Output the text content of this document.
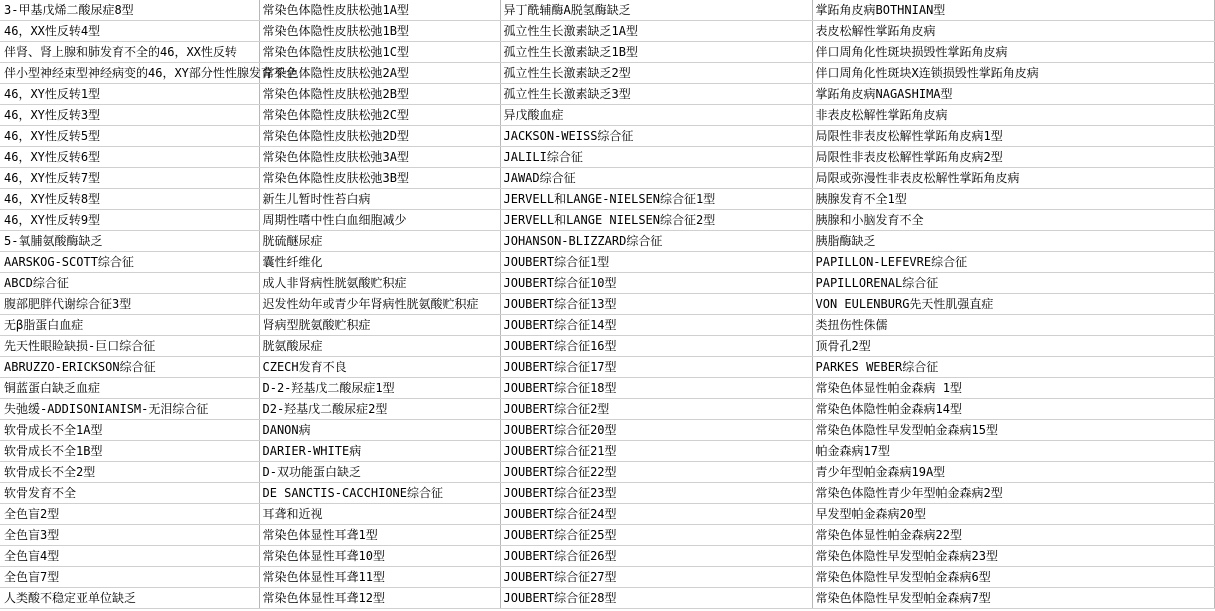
3-甲基戊烯二酸尿症8型	常染色体隐性皮肤松弛1A型	异丁酰辅酶A脱氢酶缺乏	掌跖角皮病BOTHNIAN型
46，XX性反转4型	常染色体隐性皮肤松弛1B型	孤立性生长激素缺乏1A型	表皮松解性掌跖角皮病
伴肾、肾上腺和肺发育不全的46，XX性反转	常染色体隐性皮肤松弛1C型	孤立性生长激素缺乏1B型	伴口周角化性斑块损毁性掌跖角皮病
伴小型神经束型神经病变的46，XY部分性性腺发育不全	常染色体隐性皮肤松弛2A型	孤立性生长激素缺乏2型	伴口周角化性斑块X连锁损毁性掌跖角皮病
46，XY性反转1型	常染色体隐性皮肤松弛2B型	孤立性生长激素缺乏3型	掌跖角皮病NAGASHIMA型
46，XY性反转3型	常染色体隐性皮肤松弛2C型	异戊酸血症	非表皮松解性掌跖角皮病
46，XY性反转5型	常染色体隐性皮肤松弛2D型	JACKSON-WEISS综合征	局限性非表皮松解性掌跖角皮病1型
46，XY性反转6型	常染色体隐性皮肤松弛3A型	JALILI综合征	局限性非表皮松解性掌跖角皮病2型
46，XY性反转7型	常染色体隐性皮肤松弛3B型	JAWAD综合征	局限或弥漫性非表皮松解性掌跖角皮病
46，XY性反转8型	新生儿暂时性苔白病	JERVELL和LANGE-NIELSEN综合征1型	胰腺发育不全1型
46，XY性反转9型	周期性嗜中性白血细胞减少	JERVELL和LANGE NIELSEN综合征2型	胰腺和小脑发育不全
5-氧脯氨酸酶缺乏	胱硫醚尿症	JOHANSON-BLIZZARD综合征	胰脂酶缺乏
AARSKOG-SCOTT综合征	囊性纤维化	JOUBERT综合征1型	PAPILLON-LEFEVRE综合征
ABCD综合征	成人非肾病性胱氨酸贮积症	JOUBERT综合征10型	PAPILLORENAL综合征
腹部肥胖代谢综合征3型	迟发性幼年或青少年肾病性胱氨酸贮积症	JOUBERT综合征13型	VON EULENBURG先天性肌强直症
无β脂蛋白血症	肾病型胱氨酸贮积症	JOUBERT综合征14型	类扭伤性侏儒
先天性眼睑缺损-巨口综合征	胱氨酸尿症	JOUBERT综合征16型	顶骨孔2型
ABRUZZO-ERICKSON综合征	CZECH发育不良	JOUBERT综合征17型	PARKES WEBER综合征
铜蓝蛋白缺乏血症	D-2-羟基戊二酸尿症1型	JOUBERT综合征18型	常染色体显性帕金森病 1型
失弛缓-ADDISONIANISM-无泪综合征	D2-羟基戊二酸尿症2型	JOUBERT综合征2型	常染色体隐性帕金森病14型
软骨成长不全1A型	DANON病	JOUBERT综合征20型	常染色体隐性早发型帕金森病15型
软骨成长不全1B型	DARIER-WHITE病	JOUBERT综合征21型	帕金森病17型
软骨成长不全2型	D-双功能蛋白缺乏	JOUBERT综合征22型	青少年型帕金森病19A型
软骨发育不全	DE SANCTIS-CACCHIONE综合征	JOUBERT综合征23型	常染色体隐性青少年型帕金森病2型
全色盲2型	耳聋和近视	JOUBERT综合征24型	早发型帕金森病20型
全色盲3型	常染色体显性耳聋1型	JOUBERT综合征25型	常染色体显性帕金森病22型
全色盲4型	常染色体显性耳聋10型	JOUBERT综合征26型	常染色体隐性早发型帕金森病23型
全色盲7型	常染色体显性耳聋11型	JOUBERT综合征27型	常染色体隐性早发型帕金森病6型
人类酸不稳定亚单位缺乏	常染色体显性耳聋12型	JOUBERT综合征28型	常染色体隐性早发型帕金森病7型
